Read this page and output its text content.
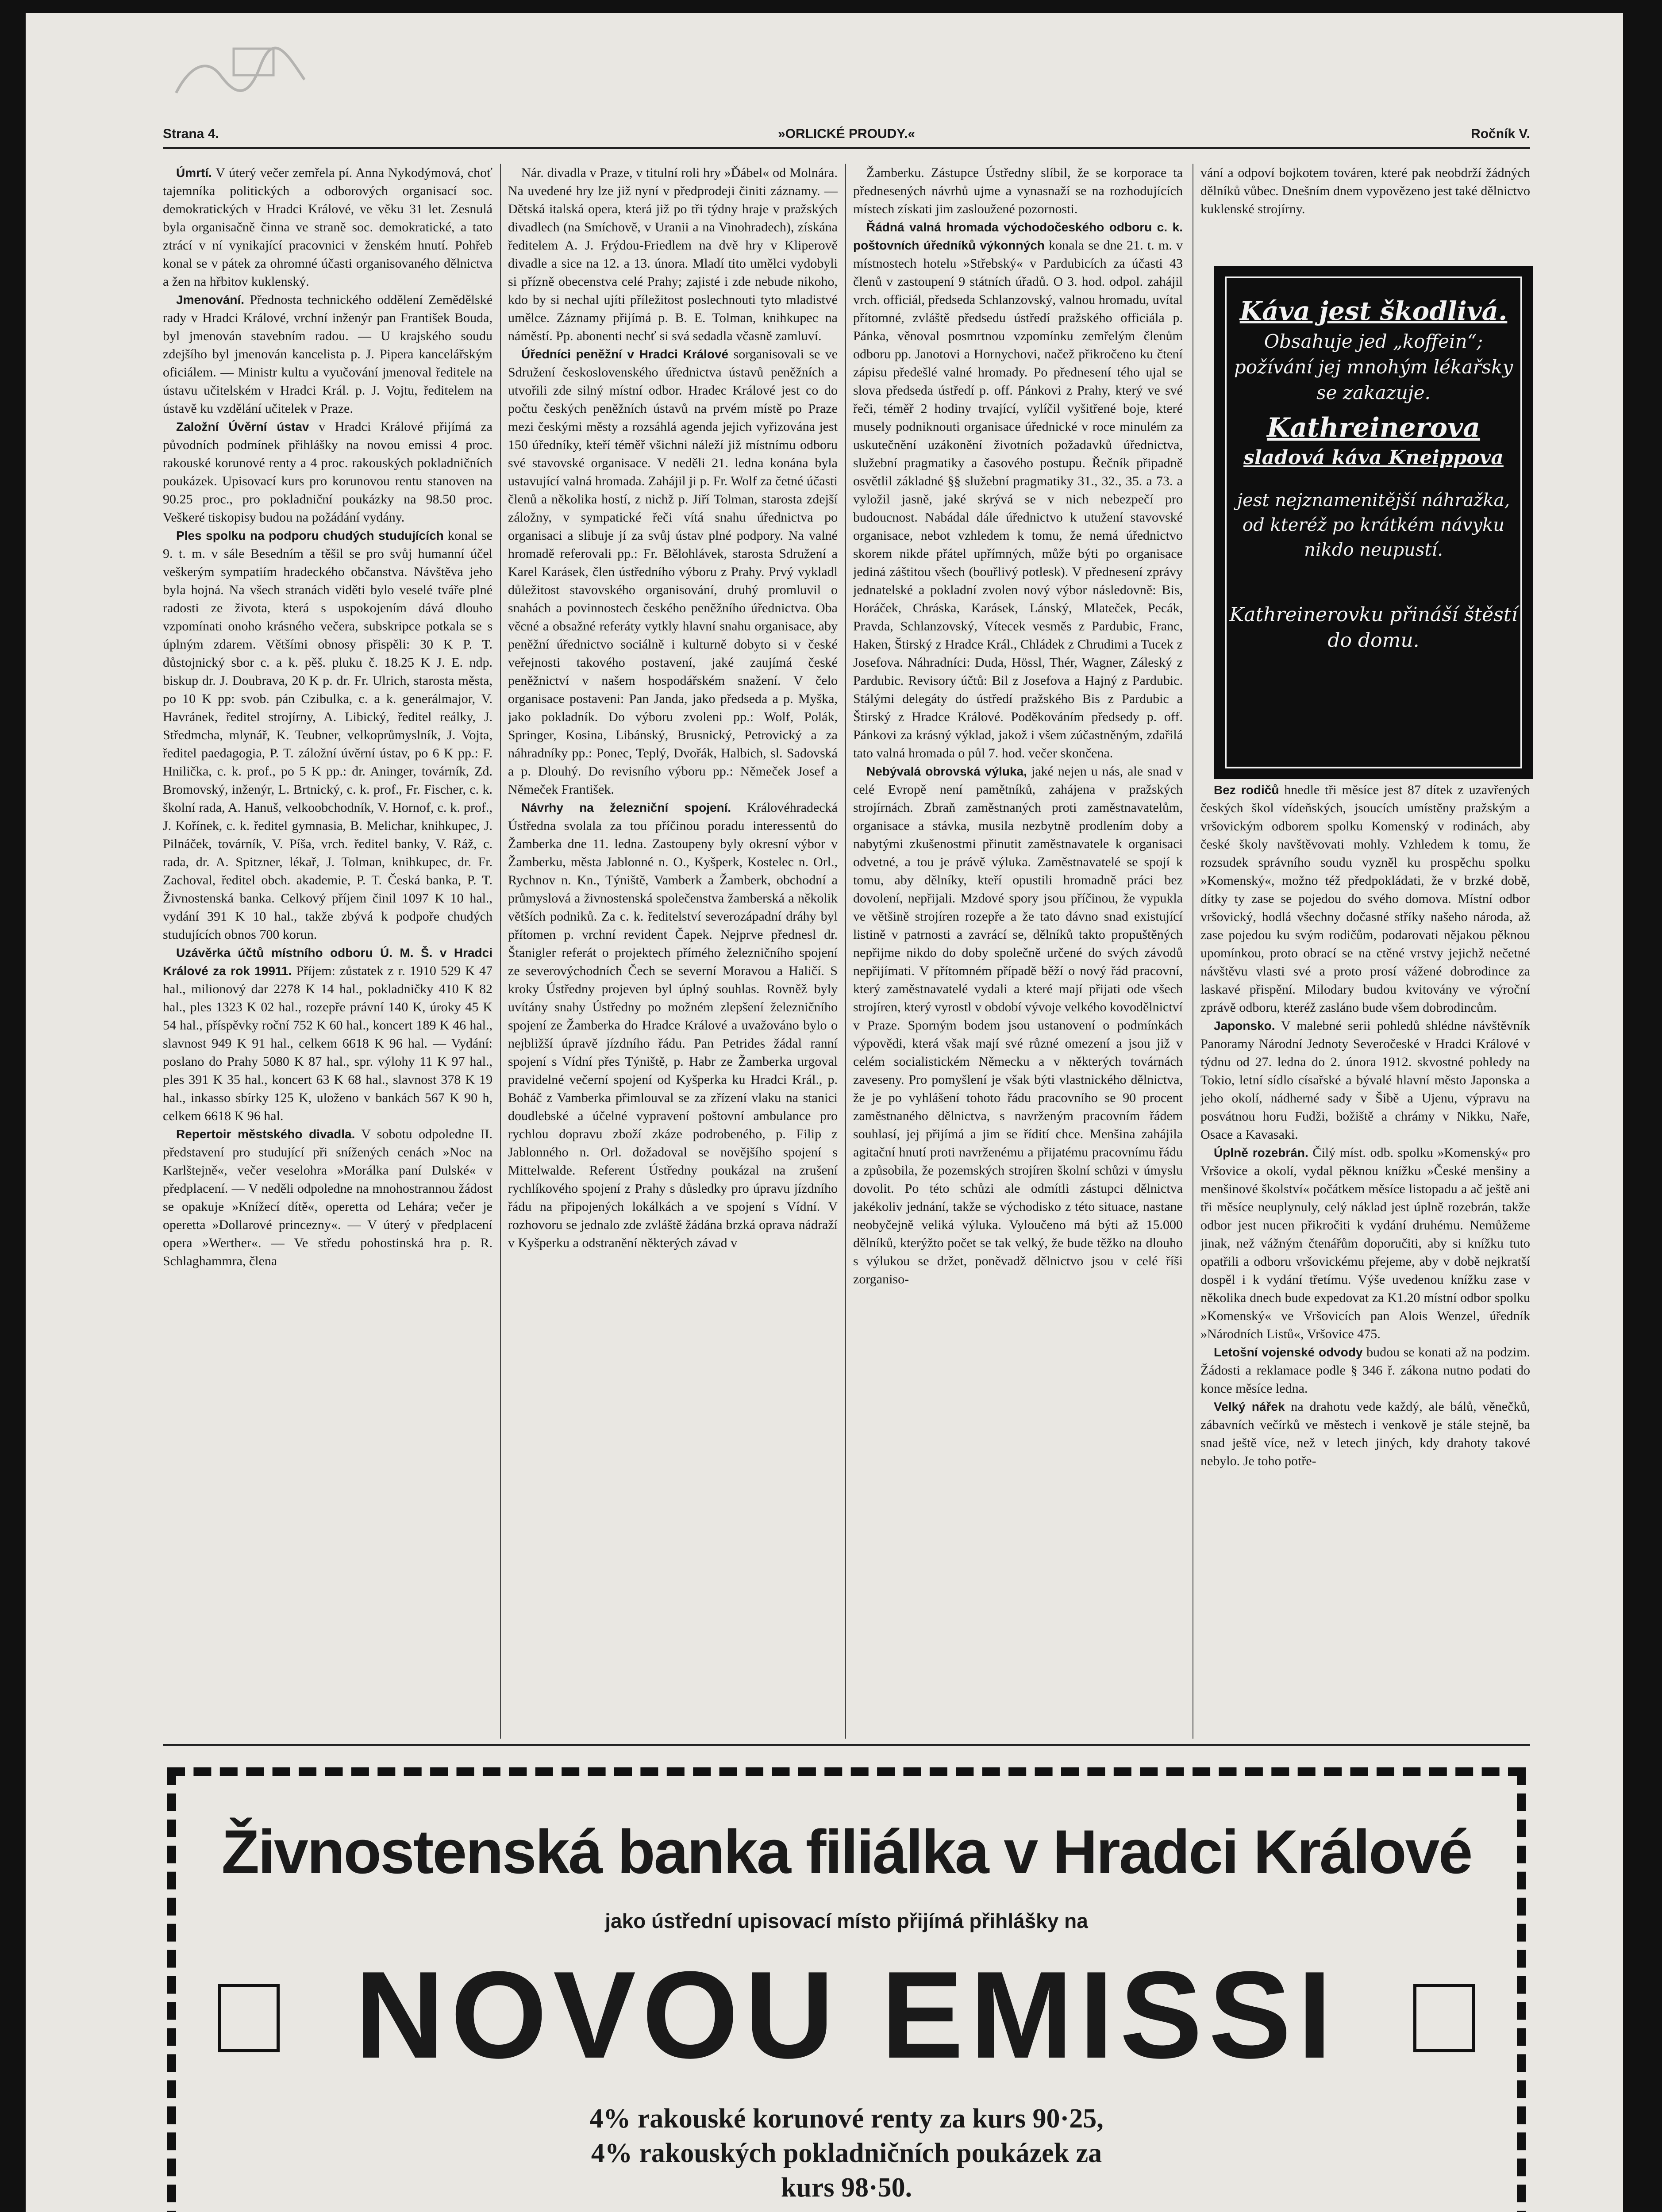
Strana 4.	»ORLICKÉ PROUDY.«	Ročník V.

Úmrtí. V úterý večer zemřela pí. Anna Nykodýmová, choť tajemníka politických a odborových organisací soc. demokratických v Hradci Králové, ve věku 31 let. Zesnulá byla organisačně činna ve straně soc. demokratické, a tato ztrácí v ní vynikající pracovnici v ženském hnutí. Pohřeb konal se v pátek za ohromné účasti organisovaného dělnictva a žen na hřbitov kuklenský.

Jmenování. Přednosta technického oddělení Zemědělské rady v Hradci Králové, vrchní inženýr pan František Bouda, byl jmenován stavebním radou. — U krajského soudu zdejšího byl jmenován kancelista p. J. Pipera kancelářským oficiálem. — Ministr kultu a vyučování jmenoval ředitele na ústavu učitelském v Hradci Král. p. J. Vojtu, ředitelem na ústavě ku vzdělání učitelek v Praze.

Založní Úvěrní ústav v Hradci Králové přijímá za původních podmínek přihlášky na novou emissi 4 proc. rakouské korunové renty a 4 proc. rakouských pokladničních poukázek. Upisovací kurs pro korunovou rentu stanoven na 90.25 proc., pro pokladniční poukázky na 98.50 proc. Veškeré tiskopisy budou na požádání vydány.

Ples spolku na podporu chudých studujících konal se 9. t. m. v sále Besedním a těšil se pro svůj humanní účel veškerým sympatiím hradeckého občanstva. Návštěva jeho byla hojná. Na všech stranách viděti bylo veselé tváře plné radosti ze života, která s uspokojením dává dlouho vzpomínati onoho krásného večera, subskripce potkala se s úplným zdarem. Většími obnosy přispěli: 30 K P. T. důstojnický sbor c. a k. pěš. pluku č. 18.25 K J. E. ndp. biskup dr. J. Doubrava, 20 K p. dr. Fr. Ulrich, starosta města, po 10 K pp: svob. pán Czibulka, c. a k. generálmajor, V. Havránek, ředitel strojírny, A. Libický, ředitel reálky, J. Středmcha, mlynář, K. Teubner, velkoprůmyslník, J. Vojta, ředitel paedagogia, P. T. záložní úvěrní ústav, po 6 K pp.: F. Hnilička, c. k. prof., po 5 K pp.: dr. Aninger, továrník, Zd. Bromovský, inženýr, L. Brtnický, c. k. prof., Fr. Fischer, c. k. školní rada, A. Hanuš, velkoobchodník, V. Hornof, c. k. prof., J. Kořínek, c. k. ředitel gymnasia, B. Melichar, knihkupec, J. Pilnáček, továrník, V. Píša, vrch. ředitel banky, V. Ráž, c. rada, dr. A. Spitzner, lékař, J. Tolman, knihkupec, dr. Fr. Zachoval, ředitel obch. akademie, P. T. Česká banka, P. T. Živnostenská banka. Celkový příjem činil 1097 K 10 hal., vydání 391 K 10 hal., takže zbývá k podpoře chudých studujících obnos 700 korun.

Uzávěrka účtů místního odboru Ú. M. Š. v Hradci Králové za rok 19911. Příjem: zůstatek z r. 1910 529 K 47 hal., milionový dar 2278 K 14 hal., pokladničky 410 K 82 hal., ples 1323 K 02 hal., rozepře právní 140 K, úroky 45 K 54 hal., příspěvky roční 752 K 60 hal., koncert 189 K 46 hal., slavnost 949 K 91 hal., celkem 6618 K 96 hal. — Vydání: poslano do Prahy 5080 K 87 hal., spr. výlohy 11 K 97 hal., ples 391 K 35 hal., koncert 63 K 68 hal., slavnost 378 K 19 hal., inkasso sbírky 125 K, uloženo v bankách 567 K 90 h, celkem 6618 K 96 hal.

Repertoir městského divadla. V sobotu odpoledne II. představení pro studující při snížených cenách »Noc na Karlštejně«, večer veselohra »Morálka paní Dulské« v předplacení. — V neděli odpoledne na mnohostrannou žádost se opakuje »Knížecí dítě«, operetta od Lehára; večer je operetta »Dollarové princezny«. — V úterý v předplacení opera »Werther«. — Ve středu pohostinská hra p. R. Schlaghammra, člena

Nár. divadla v Praze, v titulní roli hry »Ďábel« od Molnára. Na uvedené hry lze již nyní v předprodeji činiti záznamy. — Dětská italská opera, která již po tři týdny hraje v pražských divadlech (na Smíchově, v Uranii a na Vinohradech), získána ředitelem A. J. Frýdou-Friedlem na dvě hry v Kliperově divadle a sice na 12. a 13. února. Mladí tito umělci vydobyli si přízně obecenstva celé Prahy; zajisté i zde nebude nikoho, kdo by si nechal ujíti příležitost poslechnouti tyto mladistvé umělce. Záznamy přijímá p. B. E. Tolman, knihkupec na náměstí. Pp. abonenti nechť si svá sedadla včasně zamluví.

Úředníci peněžní v Hradci Králové sorganisovali se ve Sdružení československého úřednictva ústavů peněžních a utvořili zde silný místní odbor. Hradec Králové jest co do počtu českých peněžních ústavů na prvém místě po Praze mezi českými městy a rozsáhlá agenda jejich vyřizována jest 150 úředníky, kteří téměř všichni náleží již místnímu odboru své stavovské organisace. V neděli 21. ledna konána byla ustavující valná hromada. Zahájil ji p. Fr. Wolf za četné účasti členů a několika hostí, z nichž p. Jiří Tolman, starosta zdejší záložny, v sympatické řeči vítá snahu úřednictva po organisaci a slibuje jí za svůj ústav plné podpory. Na valné hromadě referovali pp.: Fr. Bělohlávek, starosta Sdružení a Karel Karásek, člen ústředního výboru z Prahy. Prvý vykladl důležitost stavovského organisování, druhý promluvil o snahách a povinnostech českého peněžního úřednictva. Oba věcné a obsažné referáty vytkly hlavní snahu organisace, aby peněžní úřednictvo sociálně i kulturně dobyto si v české veřejnosti takového postavení, jaké zaujímá české peněžnictví v našem hospodářském snažení. V čelo organisace postaveni: Pan Janda, jako předseda a p. Myška, jako pokladník. Do výboru zvoleni pp.: Wolf, Polák, Springer, Kosina, Libánský, Brusnický, Petrovický a za náhradníky pp.: Ponec, Teplý, Dvořák, Halbich, sl. Sadovská a p. Dlouhý. Do revisního výboru pp.: Němeček Josef a Němeček František.

Návrhy na železniční spojení. Královéhradecká Ústředna svolala za tou příčinou poradu interessentů do Žamberka dne 11. ledna. Zastoupeny byly okresní výbor v Žamberku, města Jablonné n. O., Kyšperk, Kostelec n. Orl., Rychnov n. Kn., Týniště, Vamberk a Žamberk, obchodní a průmyslová a živnostenská společenstva žamberská a několik větších podniků. Za c. k. ředitelství severozápadní dráhy byl přítomen p. vrchní revident Čapek. Nejprve přednesl dr. Štanigler referát o projektech přímého železničního spojení ze severovýchodních Čech se severní Moravou a Haličí. S kroky Ústředny projeven byl úplný souhlas. Rovněž byly uvítány snahy Ústředny po možném zlepšení železničního spojení ze Žamberka do Hradce Králové a uvažováno bylo o nejbližší úpravě jízdního řádu. Pan Petrides žádal ranní spojení s Vídní přes Týniště, p. Habr ze Žamberka urgoval pravidelné večerní spojení od Kyšperka ku Hradci Král., p. Boháč z Vamberka přimlouval se za zřízení vlaku na stanici doudlebské a účelné vypravení poštovní ambulance pro rychlou dopravu zboží zkáze podrobeného, p. Filip z Jablonného n. Orl. dožadoval se novějšího spojení s Mittelwalde. Referent Ústředny poukázal na zrušení rychlíkového spojení z Prahy s důsledky pro úpravu jízdního řádu na připojených lokálkách a ve spojení s Vídní. V rozhovoru se jednalo zde zvláště žádána brzká oprava nádraží v Kyšperku a odstranění některých závad v

Žamberku. Zástupce Ústředny slíbil, že se korporace ta přednesených návrhů ujme a vynasnaží se na rozhodujících místech získati jim zasloužené pozornosti.

Řádná valná hromada východočeského odboru c. k. poštovních úředníků výkonných konala se dne 21. t. m. v místnostech hotelu »Střebský« v Pardubicích za účasti 43 členů v zastoupení 9 státních úřadů. O 3. hod. odpol. zahájil vrch. officiál, předseda Schlanzovský, valnou hromadu, uvítal přítomné, zvláště předsedu ústředí pražského officiála p. Pánka, věnoval posmrtnou vzpomínku zemřelým členům odboru pp. Janotovi a Hornychovi, načež přikročeno ku čtení zápisu předešlé valné hromady. Po přednesení tého ujal se slova předseda ústředí p. off. Pánkovi z Prahy, který ve své řeči, téměř 2 hodiny trvající, vylíčil vyšitřené boje, které musely podniknouti organisace úřednické v roce minulém za uskutečnění uzákonění životních požadavků úřednictva, služební pragmatiky a časového postupu. Řečník připadně osvětlil základné §§ služební pragmatiky 31., 32., 35. a 73. a vyložil jasně, jaké skrývá se v nich nebezpečí pro budoucnost. Nabádal dále úřednictvo k utužení stavovské organisace, nebot vzhledem k tomu, že nemá úřednictvo skorem nikde přátel upřímných, může býti po organisace jediná záštitou všech (bouřlivý potlesk). V přednesení zprávy jednatelské a pokladní zvolen nový výbor následovně: Bis, Horáček, Chráska, Karásek, Lánský, Mlateček, Pecák, Pravda, Schlanzovský, Vítecek vesměs z Pardubic, Franc, Haken, Štirský z Hradce Král., Chládek z Chrudimi a Tucek z Josefova. Náhradníci: Duda, Hössl, Thér, Wagner, Záleský z Pardubic. Revisory účtů: Bil z Josefova a Hajný z Pardubic. Stálými delegáty do ústředí pražského Bis z Pardubic a Štirský z Hradce Králové. Poděkováním předsedy p. off. Pánkovi za krásný výklad, jakož i všem zúčastněným, zdařilá tato valná hromada o půl 7. hod. večer skončena.

Nebývalá obrovská výluka, jaké nejen u nás, ale snad v celé Evropě není pamětníků, zahájena v pražských strojírnách. Zbraň zaměstnaných proti zaměstnavatelům, organisace a stávka, musila nezbytně prodlením doby a nabytými zkušenostmi přinutit zaměstnavatele k organisaci odvetné, a tou je právě výluka. Zaměstnavatelé se spojí k tomu, aby dělníky, kteří opustili hromadně práci bez dovolení, nepřijali. Mzdové spory jsou příčinou, že vypukla ve většině strojíren rozepře a že tato dávno snad existující listině v patrnosti a zavrácí se, dělníků takto propuštěných nepřijme nikdo do doby společně určené do svých závodů nepřijímati. V přítomném případě běží o nový řád pracovní, který zaměstnavatelé vydali a které mají přijati ode všech strojíren, který vyrostl v období vývoje velkého kovodělnictví v Praze. Sporným bodem jsou ustanovení o podmínkách výpovědi, která však mají své různé omezení a jsou již v celém socialistickém Německu a v některých továrnách zaveseny. Pro pomyšlení je však býti vlastnického dělnictva, že je po vyhlášení tohoto řádu pracovního se 90 procent zaměstnaného dělnictva, s navrženým pracovním řádem souhlasí, jej přijímá a jim se řídití chce. Menšina zahájila agitační hnutí proti navrženému a přijatému pracovnímu řádu a způsobila, že pozemských strojíren školní schůzi v úmyslu dovolit. Po této schůzi ale odmítli zástupci dělnictva jakékoliv jednání, takže se východisko z této situace, nastane neobyčejně veliká výluka. Vyloučeno má býti až 15.000 dělníků, kterýžto počet se tak velký, že bude těžko na dlouho s výlukou se držet, poněvadž dělnictvo jsou v celé říši zorganiso-

vání a odpoví bojkotem továren, které pak neobdrží žádných dělníků vůbec. Dnešním dnem vypovězeno jest také dělnictvo kuklenské strojírny.
Káva jest škodlivá.
Obsahuje jed „koffein“; požívání jej mnohým lékařsky se zakazuje.
Kathreinerova
sladová káva Kneippova
jest nejznamenitější náhražka, od kteréž po krátkém návyku nikdo neupustí.
Kathreinerovku přináší štěstí do domu.

Bez rodičů hnedle tři měsíce jest 87 dítek z uzavřených českých škol vídeňských, jsoucích umístěny pražským a vršovickým odborem spolku Komenský v rodinách, aby české školy navštěvovati mohly. Vzhledem k tomu, že rozsudek správního soudu vyzněl ku prospěchu spolku »Komenský«, možno též předpokládati, že v brzké době, dítky ty zase se pojedou do svého domova. Místní odbor vršovický, hodlá všechny dočasné stříky našeho národa, až zase pojedou ku svým rodičům, podarovati nějakou pěknou upomínkou, proto obrací se na ctěné vrstvy jejichž nečetné návštěvu vlasti své a proto prosí vážené dobrodince za laskavé přispění. Milodary budou kvitovány ve výroční zprávě odboru, kteréž zasláno bude všem dobrodincům.

Japonsko. V malebné serii pohledů shlédne návštěvník Panoramy Národní Jednoty Severočeské v Hradci Králové v týdnu od 27. ledna do 2. února 1912. skvostné pohledy na Tokio, letní sídlo císařské a bývalé hlavní město Japonska a jeho okolí, nádherné sady v Šibě a Ujenu, výpravu na posvátnou horu Fudži, božiště a chrámy v Nikku, Naře, Osace a Kavasaki.

Úplně rozebrán. Čilý míst. odb. spolku »Komenský« pro Vršovice a okolí, vydal pěknou knížku »České menšiny a menšinové školství« počátkem měsíce listopadu a ač ještě ani tři měsíce neuplynuly, celý náklad jest úplně rozebrán, takže odbor jest nucen přikročiti k vydání druhému. Nemůžeme jinak, než vážným čtenářům doporučiti, aby si knížku tuto opatřili a odboru vršovickému přejeme, aby v době nejkratší dospěl i k vydání třetímu. Výše uvedenou knížku zase v několika dnech bude expedovat za K1.20 místní odbor spolku »Komenský« ve Vršovicích pan Alois Wenzel, úředník »Národních Listů«, Vršovice 475.

Letošní vojenské odvody budou se konati až na podzim. Žádosti a reklamace podle § 346 ř. zákona nutno podati do konce měsíce ledna.

Velký nářek na drahotu vede každý, ale bálů, věnečků, zábavních večírků ve městech i venkově je stále stejně, ba snad ještě více, než v letech jiných, kdy drahoty takové nebylo. Je toho potře-

Živnostenská banka filiálka v Hradci Králové
jako ústřední upisovací místo přijímá přihlášky na
NOVOU EMISSI
4% rakouské korunové renty za kurs 90·25,
4% rakouských pokladničních poukázek za
kurs 98·50.
